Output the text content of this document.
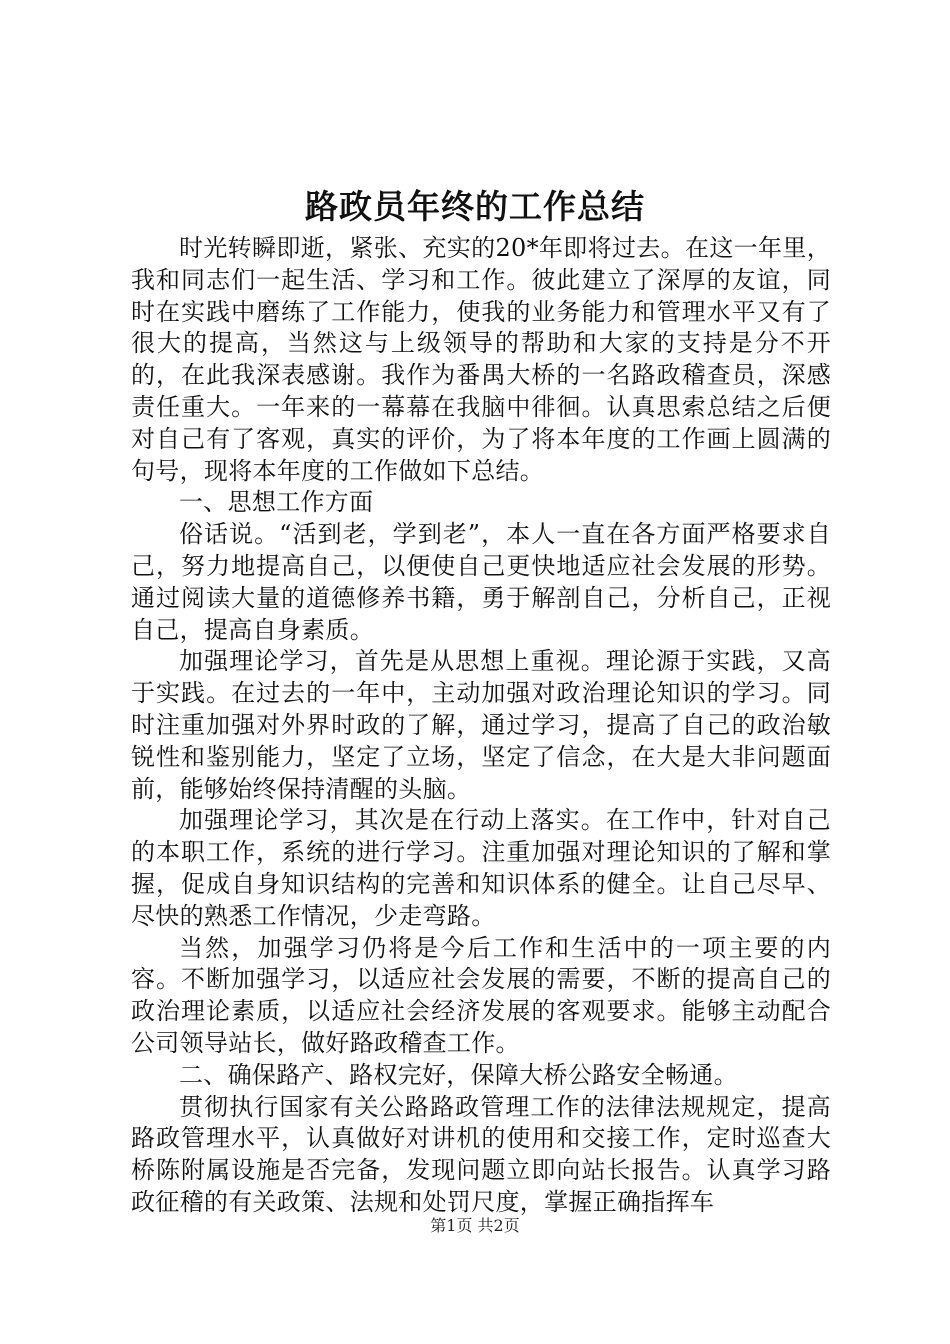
路政员年终的工作总结

时光转瞬即逝，紧张、充实的20*年即将过去。在这一年里，我和同志们一起生活、学习和工作。彼此建立了深厚的友谊，同时在实践中磨练了工作能力，使我的业务能力和管理水平又有了很大的提高，当然这与上级领导的帮助和大家的支持是分不开的，在此我深表感谢。我作为番禺大桥的一名路政稽查员，深感责任重大。一年来的一幕幕在我脑中徘徊。认真思索总结之后便对自己有了客观，真实的评价，为了将本年度的工作画上圆满的句号，现将本年度的工作做如下总结。

一、思想工作方面

俗话说。“活到老，学到老”，本人一直在各方面严格要求自己，努力地提高自己，以便使自己更快地适应社会发展的形势。通过阅读大量的道德修养书籍，勇于解剖自己，分析自己，正视自己，提高自身素质。

加强理论学习，首先是从思想上重视。理论源于实践，又高于实践。在过去的一年中，主动加强对政治理论知识的学习。同时注重加强对外界时政的了解，通过学习，提高了自己的政治敏锐性和鉴别能力，坚定了立场，坚定了信念，在大是大非问题面前，能够始终保持清醒的头脑。

加强理论学习，其次是在行动上落实。在工作中，针对自己的本职工作，系统的进行学习。注重加强对理论知识的了解和掌握，促成自身知识结构的完善和知识体系的健全。让自己尽早、尽快的熟悉工作情况，少走弯路。

当然，加强学习仍将是今后工作和生活中的一项主要的内容。不断加强学习，以适应社会发展的需要，不断的提高自己的政治理论素质，以适应社会经济发展的客观要求。能够主动配合公司领导站长，做好路政稽查工作。

二、确保路产、路权完好，保障大桥公路安全畅通。

贯彻执行国家有关公路路政管理工作的法律法规规定，提高路政管理水平，认真做好对讲机的使用和交接工作，定时巡查大桥陈附属设施是否完备，发现问题立即向站长报告。认真学习路政征稽的有关政策、法规和处罚尺度，掌握正确指挥车

第1页 共2页
